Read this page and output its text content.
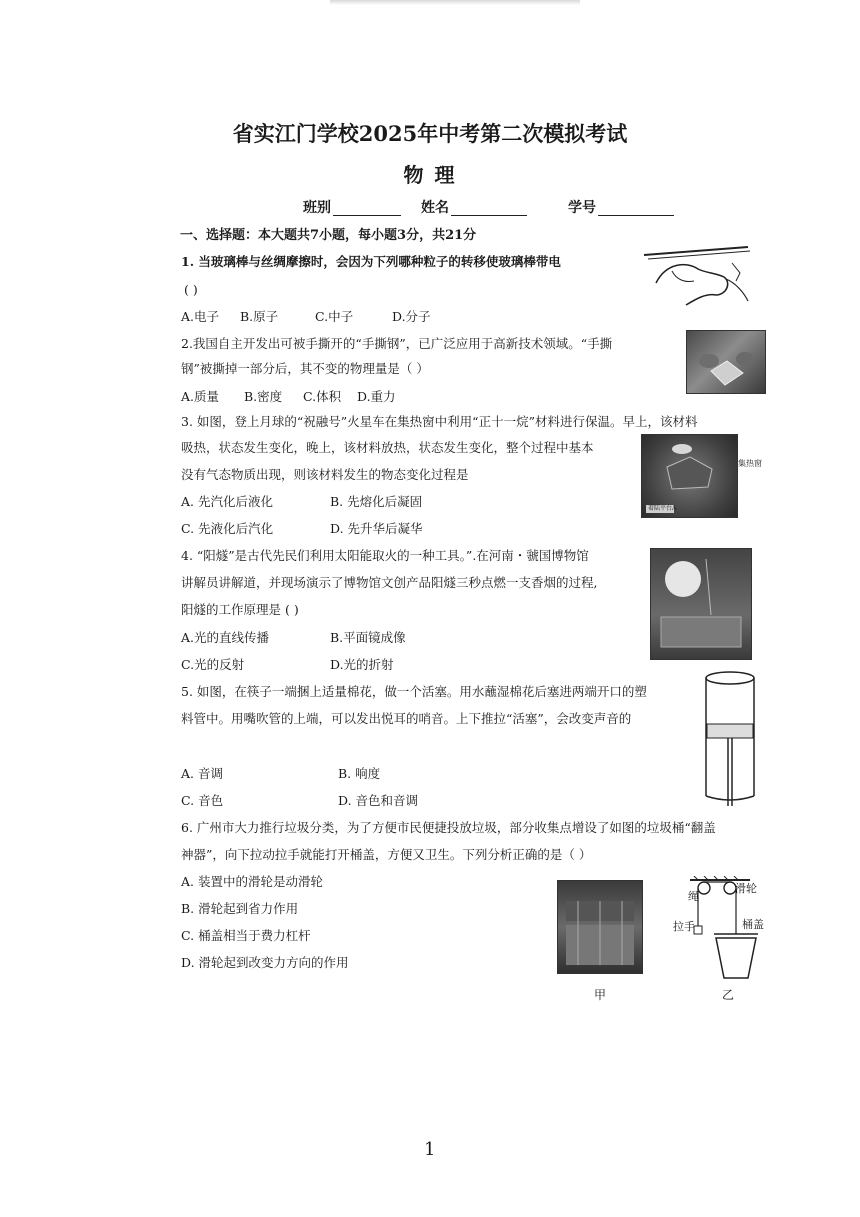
省实江门学校2025年中考第二次模拟考试
物 理
班别	姓名	学号
一、选择题：本大题共7小题，每小题3分，共21分
1. 当玻璃棒与丝绸摩擦时，会因为下列哪种粒子的转移使玻璃棒带电
( )
A.电子 B.原子	C.中子	D.分子
2.我国自主开发出可被手撕开的“手撕钢”，已广泛应用于高新技术领域。“手撕
钢”被撕掉一部分后，其不变的物理量是（ ）
A.质量 B.密度 C.体积 D.重力
3. 如图，登上月球的“祝融号”火星车在集热窗中利用“正十一烷”材料进行保温。早上，该材料
吸热，状态发生变化，晚上，该材料放热，状态发生变化，整个过程中基本
没有气态物质出现，则该材料发生的物态变化过程是
A. 先汽化后液化	B. 先熔化后凝固
C. 先液化后汽化	D. 先升华后凝华
着陆平台A
集热窗
4. “阳燧”是古代先民们利用太阳能取火的一种工具。”.在河南・虢国博物馆
讲解员讲解道，并现场演示了博物馆文创产品阳燧三秒点燃一支香烟的过程,
阳燧的工作原理是 ( )
A.光的直线传播	B.平面镜成像
C.光的反射	D.光的折射
5. 如图，在筷子一端捆上适量棉花，做一个活塞。用水蘸湿棉花后塞进两端开口的塑
料管中。用嘴吹管的上端，可以发出悦耳的哨音。上下推拉“活塞”，会改变声音的
A. 音调	B. 响度
C. 音色	D. 音色和音调
6. 广州市大力推行垃圾分类，为了方便市民便捷投放垃圾，部分收集点增设了如图的垃圾桶“翻盖
神器”，向下拉动拉手就能打开桶盖，方便又卫生。下列分析正确的是（ ）
A. 装置中的滑轮是动滑轮
B. 滑轮起到省力作用
C. 桶盖相当于费力杠杆
D. 滑轮起到改变力方向的作用
甲
绳
滑轮
拉手	桶盖
乙
1
